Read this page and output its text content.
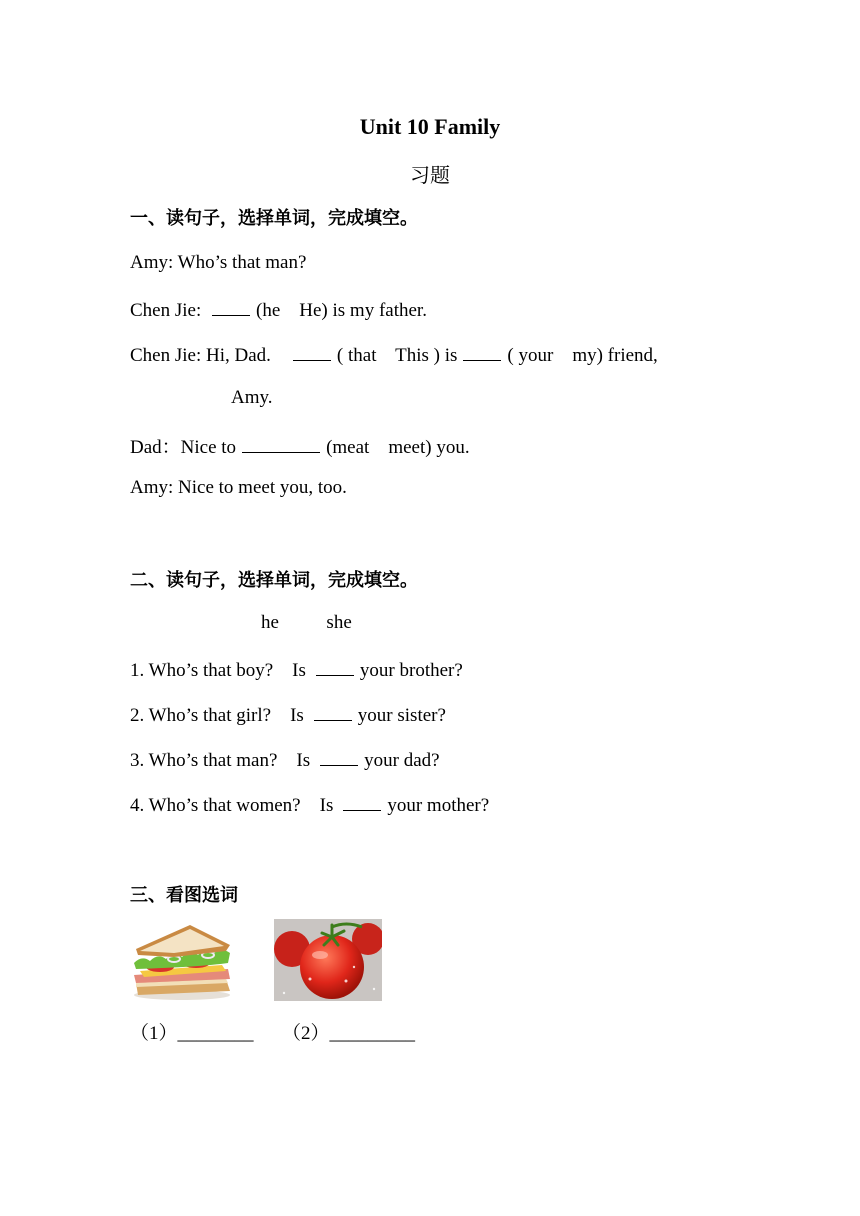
Unit 10 Family
习题
一、读句子，选择单词，完成填空。
Amy: Who’s that man?
Chen Jie:	(he    He) is my father.
Chen Jie: Hi, Dad.	( that    This ) is	( your    my) friend,
Amy.
Dad：Nice to	(meat    meet) you.
Amy: Nice to meet you, too.
二、读句子，选择单词，完成填空。
he          she
1. Who’s that boy?    Is	your brother?
2. Who’s that girl?    Is	your sister?
3. Who’s that man?    Is	your dad?
4. Who’s that women?    Is	your mother?
三、看图选词
（1）________ （2）_________
